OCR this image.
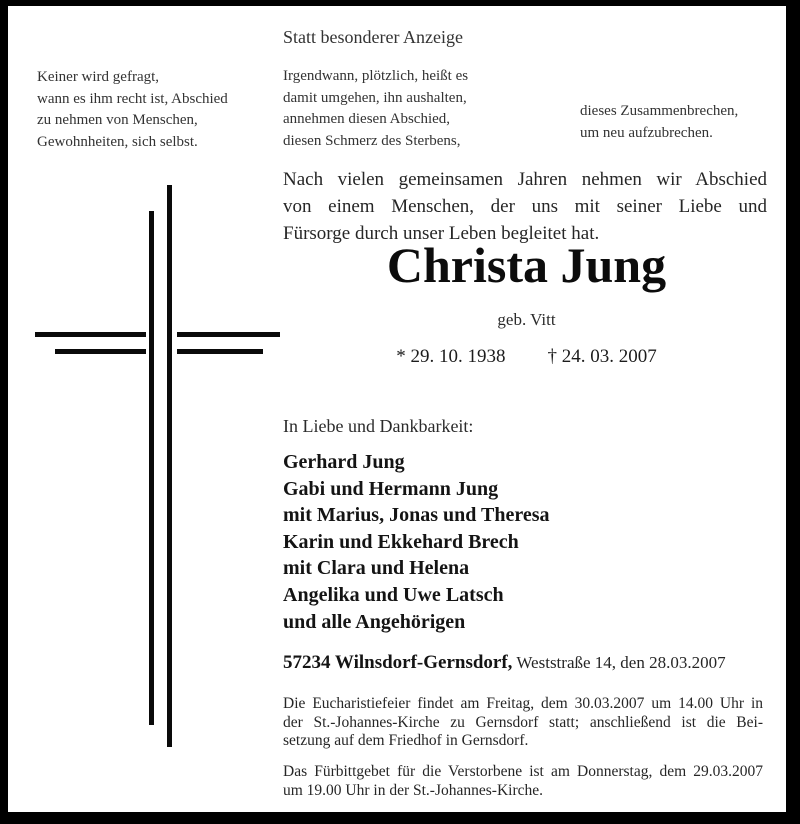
Statt besonderer Anzeige
Keiner wird gefragt,
wann es ihm recht ist, Abschied
zu nehmen von Menschen,
Gewohnheiten, sich selbst.
Irgendwann, plötzlich, heißt es
damit umgehen, ihn aushalten,
annehmen diesen Abschied,
diesen Schmerz des Sterbens,
dieses Zusammenbrechen,
um neu aufzubrechen.
Nach vielen gemeinsamen Jahren nehmen wir Abschied
von einem Menschen, der uns mit seiner Liebe und
Fürsorge durch unser Leben begleitet hat.
Christa Jung
geb. Vitt
* 29. 10. 1938 † 24. 03. 2007
In Liebe und Dankbarkeit:
Gerhard Jung
Gabi und Hermann Jung
mit Marius, Jonas und Theresa
Karin und Ekkehard Brech
mit Clara und Helena
Angelika und Uwe Latsch
und alle Angehörigen
57234 Wilnsdorf-Gernsdorf, Weststraße 14, den 28.03.2007
Die Eucharistiefeier findet am Freitag, dem 30.03.2007 um 14.00 Uhr in
der St.-Johannes-Kirche zu Gernsdorf statt; anschließend ist die Bei-
setzung auf dem Friedhof in Gernsdorf.
Das Fürbittgebet für die Verstorbene ist am Donnerstag, dem 29.03.2007
um 19.00 Uhr in der St.-Johannes-Kirche.
